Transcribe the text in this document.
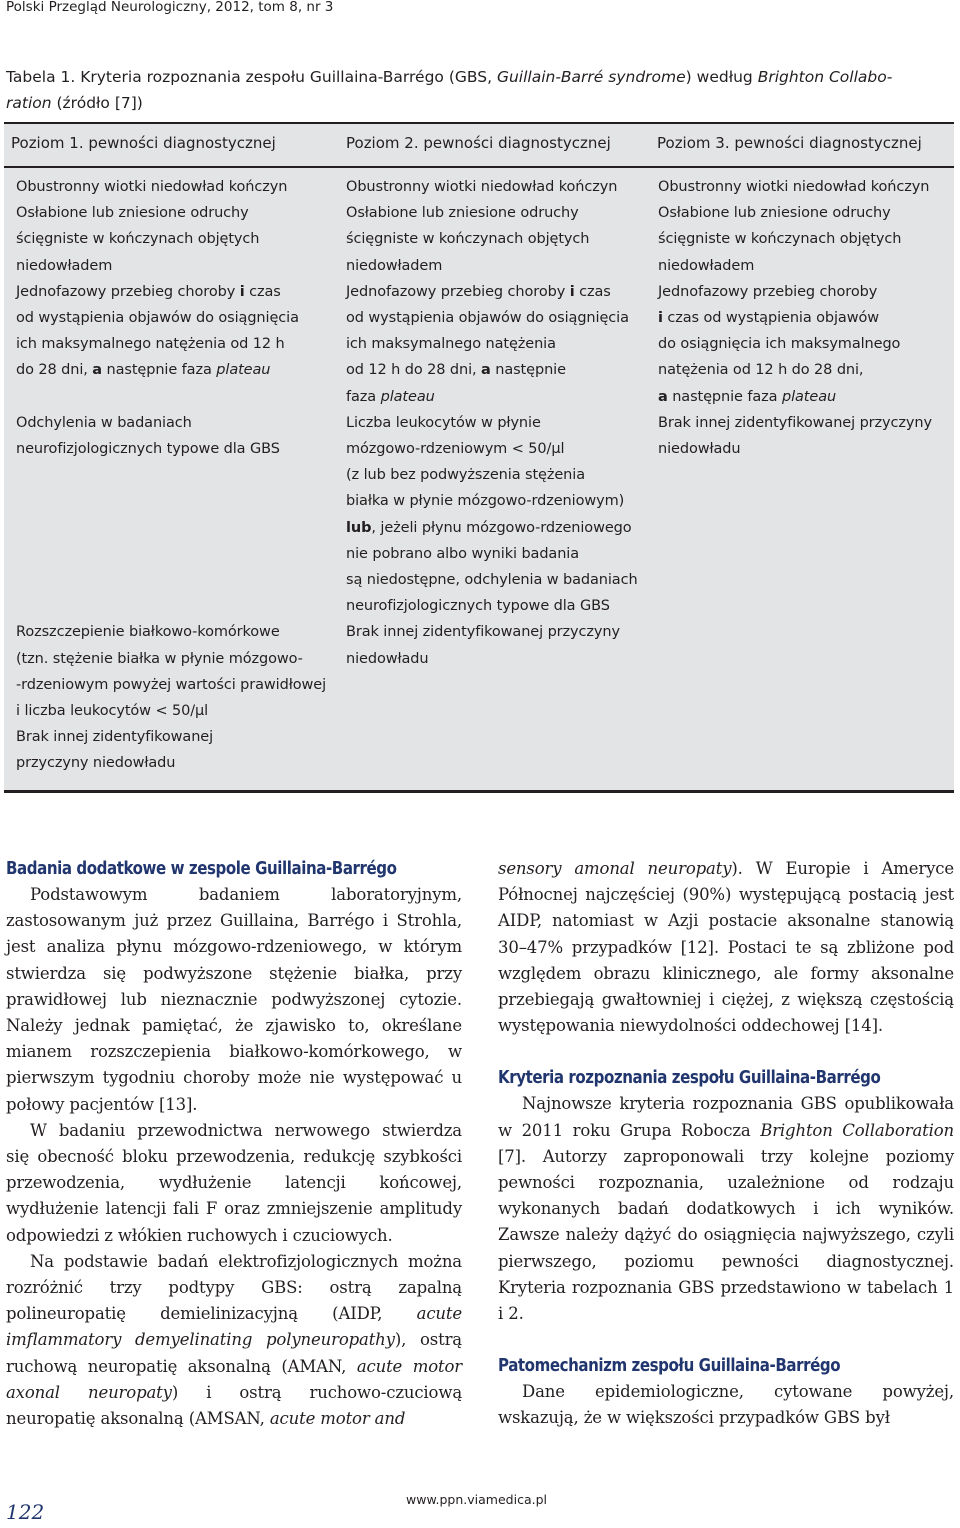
Polski Przegląd Neurologiczny, 2012, tom 8, nr 3
Tabela 1. Kryteria rozpoznania zespołu Guillaina-Barrégo (GBS, Guillain-Barré syndrome) według Brighton Collabo-
ration (źródło [7])
Poziom 1. pewności diagnostycznej	Poziom 2. pewności diagnostycznej	Poziom 3. pewności diagnostycznej

Obustronny wiotki niedowład kończyn

Osłabione lub zniesione odruchy

ścięgniste w kończynach objętych

niedowładem

Jednofazowy przebieg choroby i czas

od wystąpienia objawów do osiągnięcia

ich maksymalnego natężenia od 12 h

do 28 dni, a następnie faza plateau

Odchylenia w badaniach

neurofizjologicznych typowe dla GBS

Rozszczepienie białkowo-komórkowe

(tzn. stężenie białka w płynie mózgowo-

-rdzeniowym powyżej wartości prawidłowej

i liczba leukocytów < 50/μl

Brak innej zidentyfikowanej

przyczyny niedowładu

Obustronny wiotki niedowład kończyn

Osłabione lub zniesione odruchy

ścięgniste w kończynach objętych

niedowładem

Jednofazowy przebieg choroby i czas

od wystąpienia objawów do osiągnięcia

ich maksymalnego natężenia

od 12 h do 28 dni, a następnie

faza plateau

Liczba leukocytów w płynie

mózgowo-rdzeniowym < 50/μl

(z lub bez podwyższenia stężenia

białka w płynie mózgowo-rdzeniowym)

lub, jeżeli płynu mózgowo-rdzeniowego

nie pobrano albo wyniki badania

są niedostępne, odchylenia w badaniach

neurofizjologicznych typowe dla GBS

Brak innej zidentyfikowanej przyczyny

niedowładu

Obustronny wiotki niedowład kończyn

Osłabione lub zniesione odruchy

ścięgniste w kończynach objętych

niedowładem

Jednofazowy przebieg choroby

i czas od wystąpienia objawów

do osiągnięcia ich maksymalnego

natężenia od 12 h do 28 dni,

a następnie faza plateau

Brak innej zidentyfikowanej przyczyny

niedowładu

Badania dodatkowe w zespole Guillaina-Barrégo

Podstawowym badaniem laboratoryjnym, zastosowanym już przez Guillaina, Barrégo i Strohla, jest analiza płynu mózgowo-rdzeniowego, w którym stwierdza się podwyższone stężenie białka, przy prawidłowej lub nieznacznie podwyższonej cytozie. Należy jednak pamiętać, że zjawisko to, określane mianem rozszczepienia białkowo-komórkowego, w pierwszym tygodniu choroby może nie występować u połowy pacjentów [13].

W badaniu przewodnictwa nerwowego stwierdza się obecność bloku przewodzenia, redukcję szybkości przewodzenia, wydłużenie latencji końcowej, wydłużenie latencji fali F oraz zmniejszenie amplitudy odpowiedzi z włókien ruchowych i czuciowych.

Na podstawie badań elektrofizjologicznych można rozróżnić trzy podtypy GBS: ostrą zapalną polineuropatię demielinizacyjną (AIDP, acute imflammatory demyelinating polyneuropathy), ostrą ruchową neuropatię aksonalną (AMAN, acute motor axonal neuropaty) i ostrą ruchowo-czuciową neuropatię aksonalną (AMSAN, acute motor and

sensory amonal neuropaty). W Europie i Ameryce Północnej najczęściej (90%) występującą postacią jest AIDP, natomiast w Azji postacie aksonalne stanowią 30–47% przypadków [12]. Postaci te są zbliżone pod względem obrazu klinicznego, ale formy aksonalne przebiegają gwałtowniej i ciężej, z większą częstością występowania niewydolności oddechowej [14].

Kryteria rozpoznania zespołu Guillaina-Barrégo

Najnowsze kryteria rozpoznania GBS opublikowała w 2011 roku Grupa Robocza Brighton Collaboration [7]. Autorzy zaproponowali trzy kolejne poziomy pewności rozpoznania, uzależnione od rodzaju wykonanych badań dodatkowych i ich wyników. Zawsze należy dążyć do osiągnięcia najwyższego, czyli pierwszego, poziomu pewności diagnostycznej. Kryteria rozpoznania GBS przedstawiono w tabelach 1 i 2.

Patomechanizm zespołu Guillaina-Barrégo

Dane epidemiologiczne, cytowane powyżej, wskazują, że w większości przypadków GBS był

122
www.ppn.viamedica.pl
